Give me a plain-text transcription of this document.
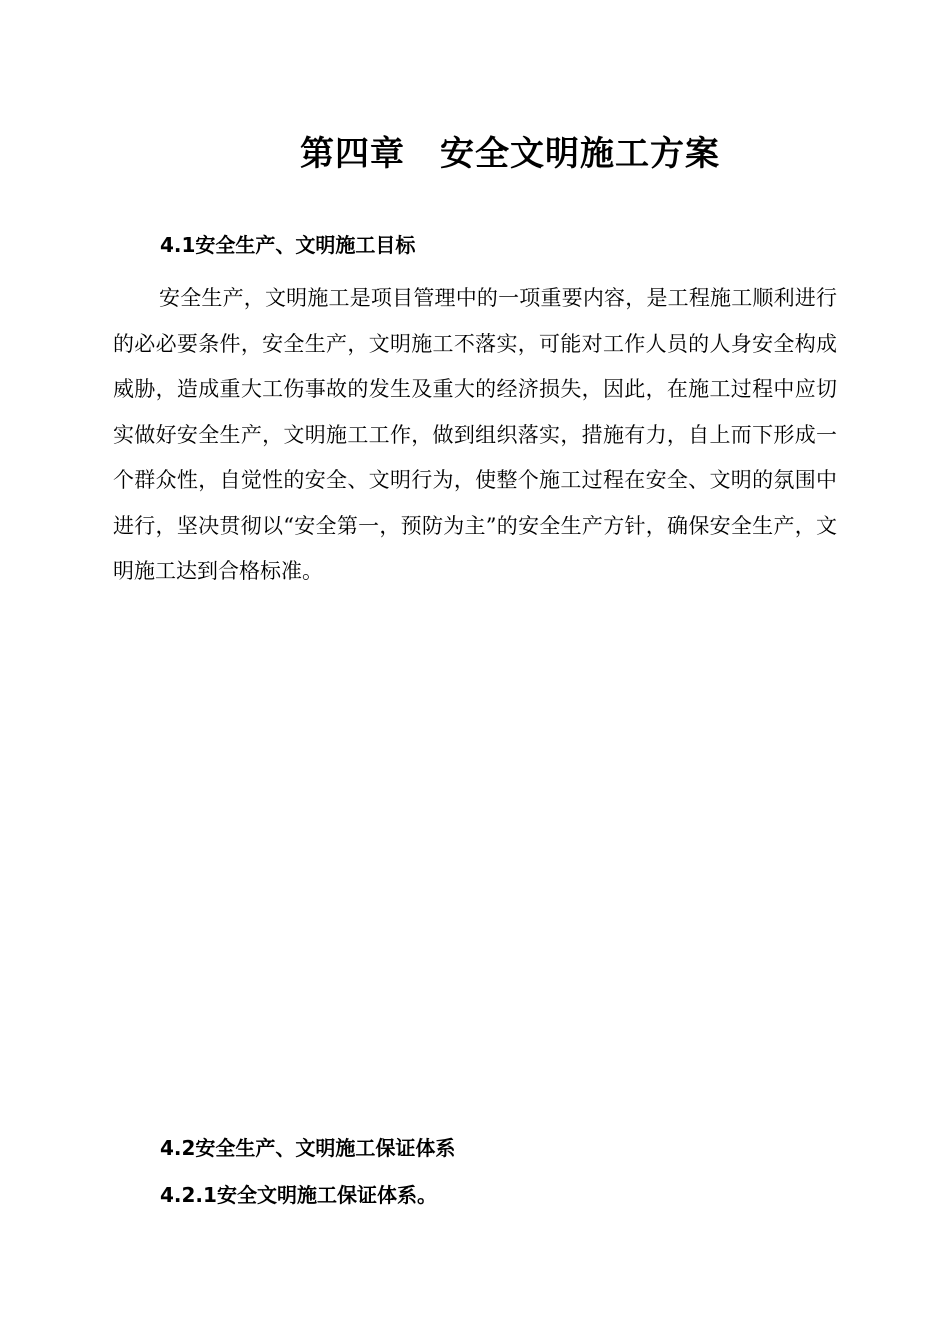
第四章　安全文明施工方案
4.1安全生产、文明施工目标

安全生产，文明施工是项目管理中的一项重要内容，是工程施工顺利进行的必必要条件，安全生产，文明施工不落实，可能对工作人员的人身安全构成威胁，造成重大工伤事故的发生及重大的经济损失，因此，在施工过程中应切实做好安全生产，文明施工工作，做到组织落实，措施有力，自上而下形成一个群众性，自觉性的安全、文明行为，使整个施工过程在安全、文明的氛围中进行，坚决贯彻以“安全第一，预防为主”的安全生产方针，确保安全生产，文明施工达到合格标准。

4.2安全生产、文明施工保证体系
4.2.1安全文明施工保证体系。
